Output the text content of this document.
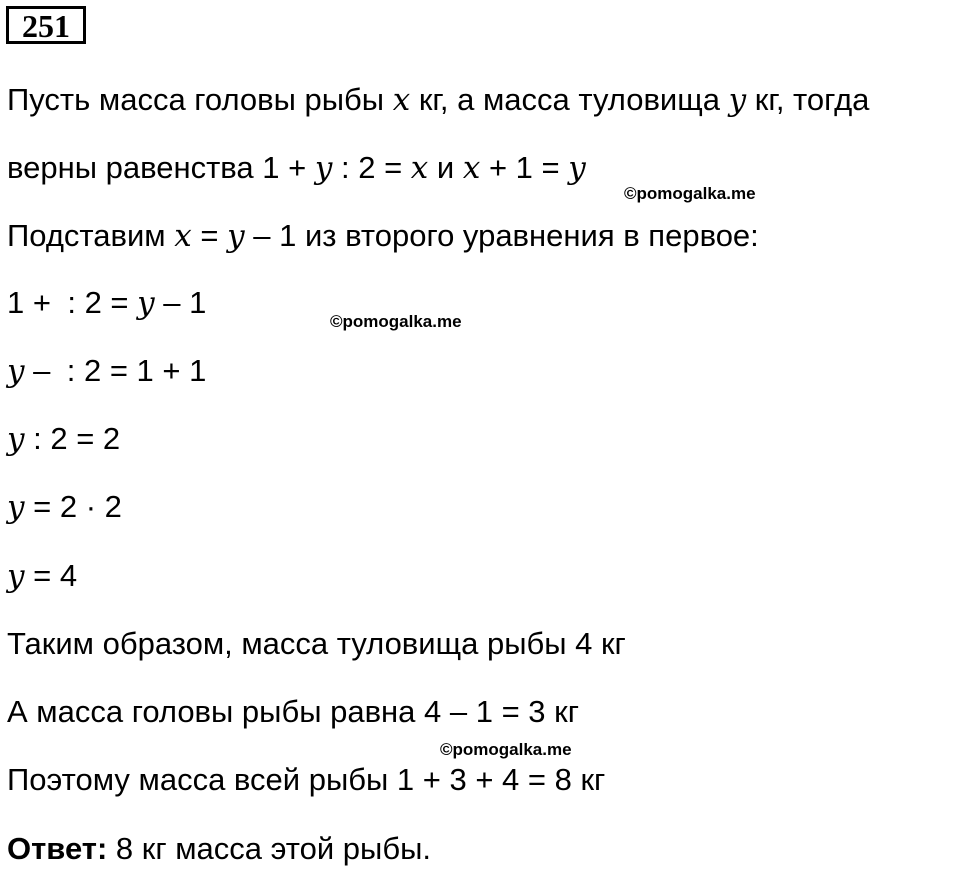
251
Пусть масса головы рыбы x кг, а масса туловища y кг, тогда
верны равенства 1 + y : 2 = x и x + 1 = y
©pomogalka.me
Подставим x = y – 1 из второго уравнения в первое:
1 + : 2 = y – 1
©pomogalka.me
y – : 2 = 1 + 1
y : 2 = 2
y = 2 · 2
y = 4
Таким образом, масса туловища рыбы 4 кг
А масса головы рыбы равна 4 – 1 = 3 кг
©pomogalka.me
Поэтому масса всей рыбы 1 + 3 + 4 = 8 кг
Ответ: 8 кг масса этой рыбы.
